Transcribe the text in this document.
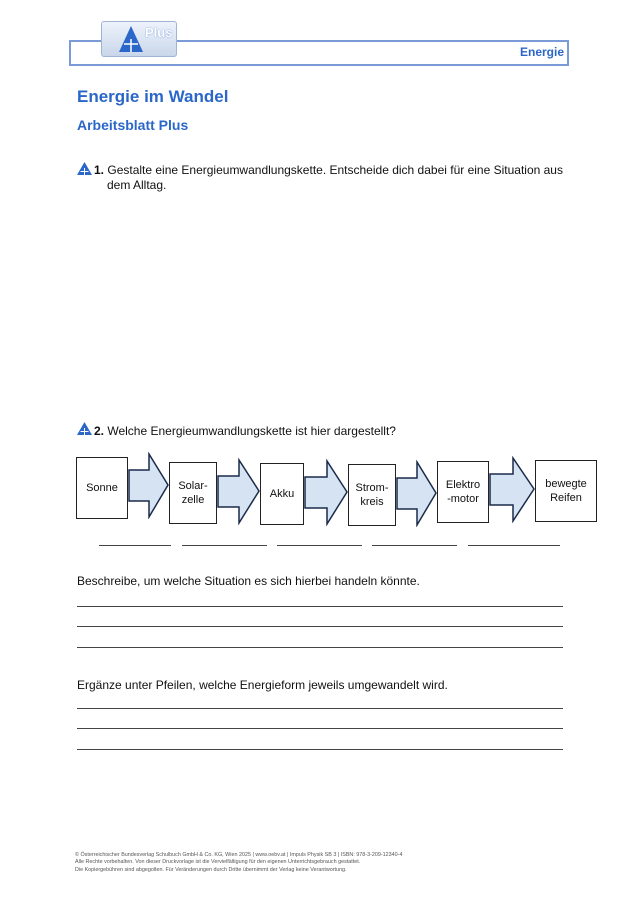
Plus
Energie
Energie im Wandel
Arbeitsblatt Plus
1. Gestalte eine Energieumwandlungskette. Entscheide dich dabei für eine Situation aus
dem Alltag.
2. Welche Energieumwandlungskette ist hier dargestellt?
Sonne	Solar-
zelle	Akku	Strom-
kreis
Elektro
-motor
bewegte
Reifen
Beschreibe, um welche Situation es sich hierbei handeln könnte.
Ergänze unter Pfeilen, welche Energieform jeweils umgewandelt wird.
© Österreichischer Bundesverlag Schulbuch GmbH & Co. KG, Wien 2025 | www.oebv.at | Impuls Physik SB 3 | ISBN: 978-3-209-12340-4
Alle Rechte vorbehalten. Von dieser Druckvorlage ist die Vervielfältigung für den eigenen Unterrichtsgebrauch gestattet.
Die Kopiergebühren sind abgegolten. Für Veränderungen durch Dritte übernimmt der Verlag keine Verantwortung.
